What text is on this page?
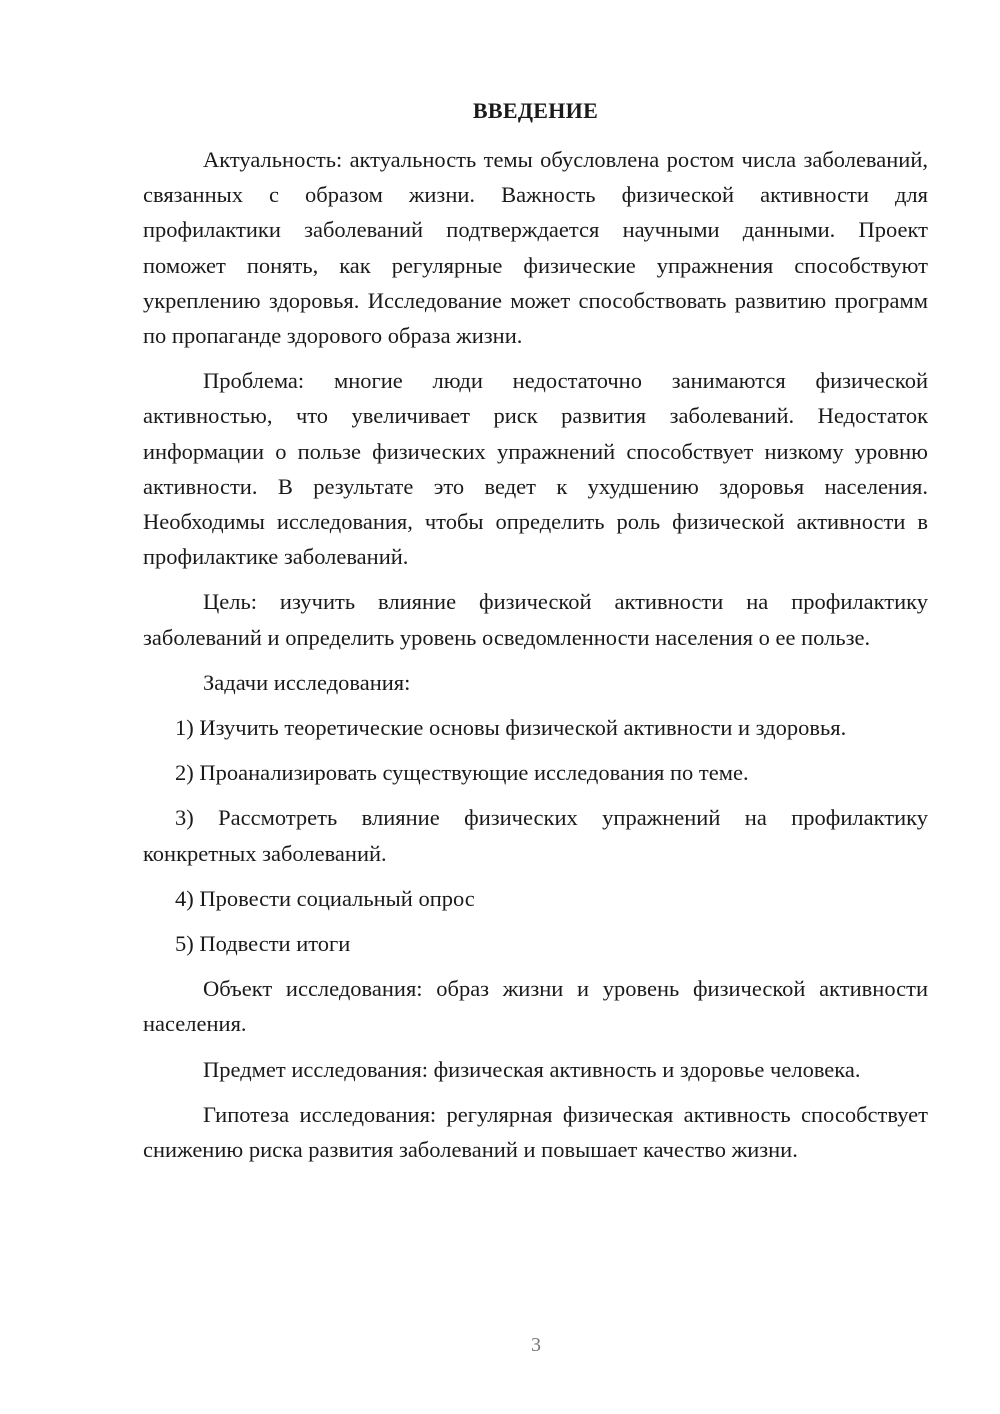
ВВЕДЕНИЕ

Актуальность: актуальность темы обусловлена ростом числа заболеваний, связанных с образом жизни. Важность физической активности для профилактики заболеваний подтверждается научными данными. Проект поможет понять, как регулярные физические упражнения способствуют укреплению здоровья. Исследование может способствовать развитию программ по пропаганде здорового образа жизни.

Проблема: многие люди недостаточно занимаются физической активностью, что увеличивает риск развития заболеваний. Недостаток информации о пользе физических упражнений способствует низкому уровню активности. В результате это ведет к ухудшению здоровья населения. Необходимы исследования, чтобы определить роль физической активности в профилактике заболеваний.

Цель: изучить влияние физической активности на профилактику заболеваний и определить уровень осведомленности населения о ее пользе.

Задачи исследования:

1) Изучить теоретические основы физической активности и здоровья.

2) Проанализировать существующие исследования по теме.

3) Рассмотреть влияние физических упражнений на профилактику конкретных заболеваний.

4) Провести социальный опрос

5) Подвести итоги

Объект исследования: образ жизни и уровень физической активности населения.

Предмет исследования: физическая активность и здоровье человека.

Гипотеза исследования: регулярная физическая активность способствует снижению риска развития заболеваний и повышает качество жизни.

3
